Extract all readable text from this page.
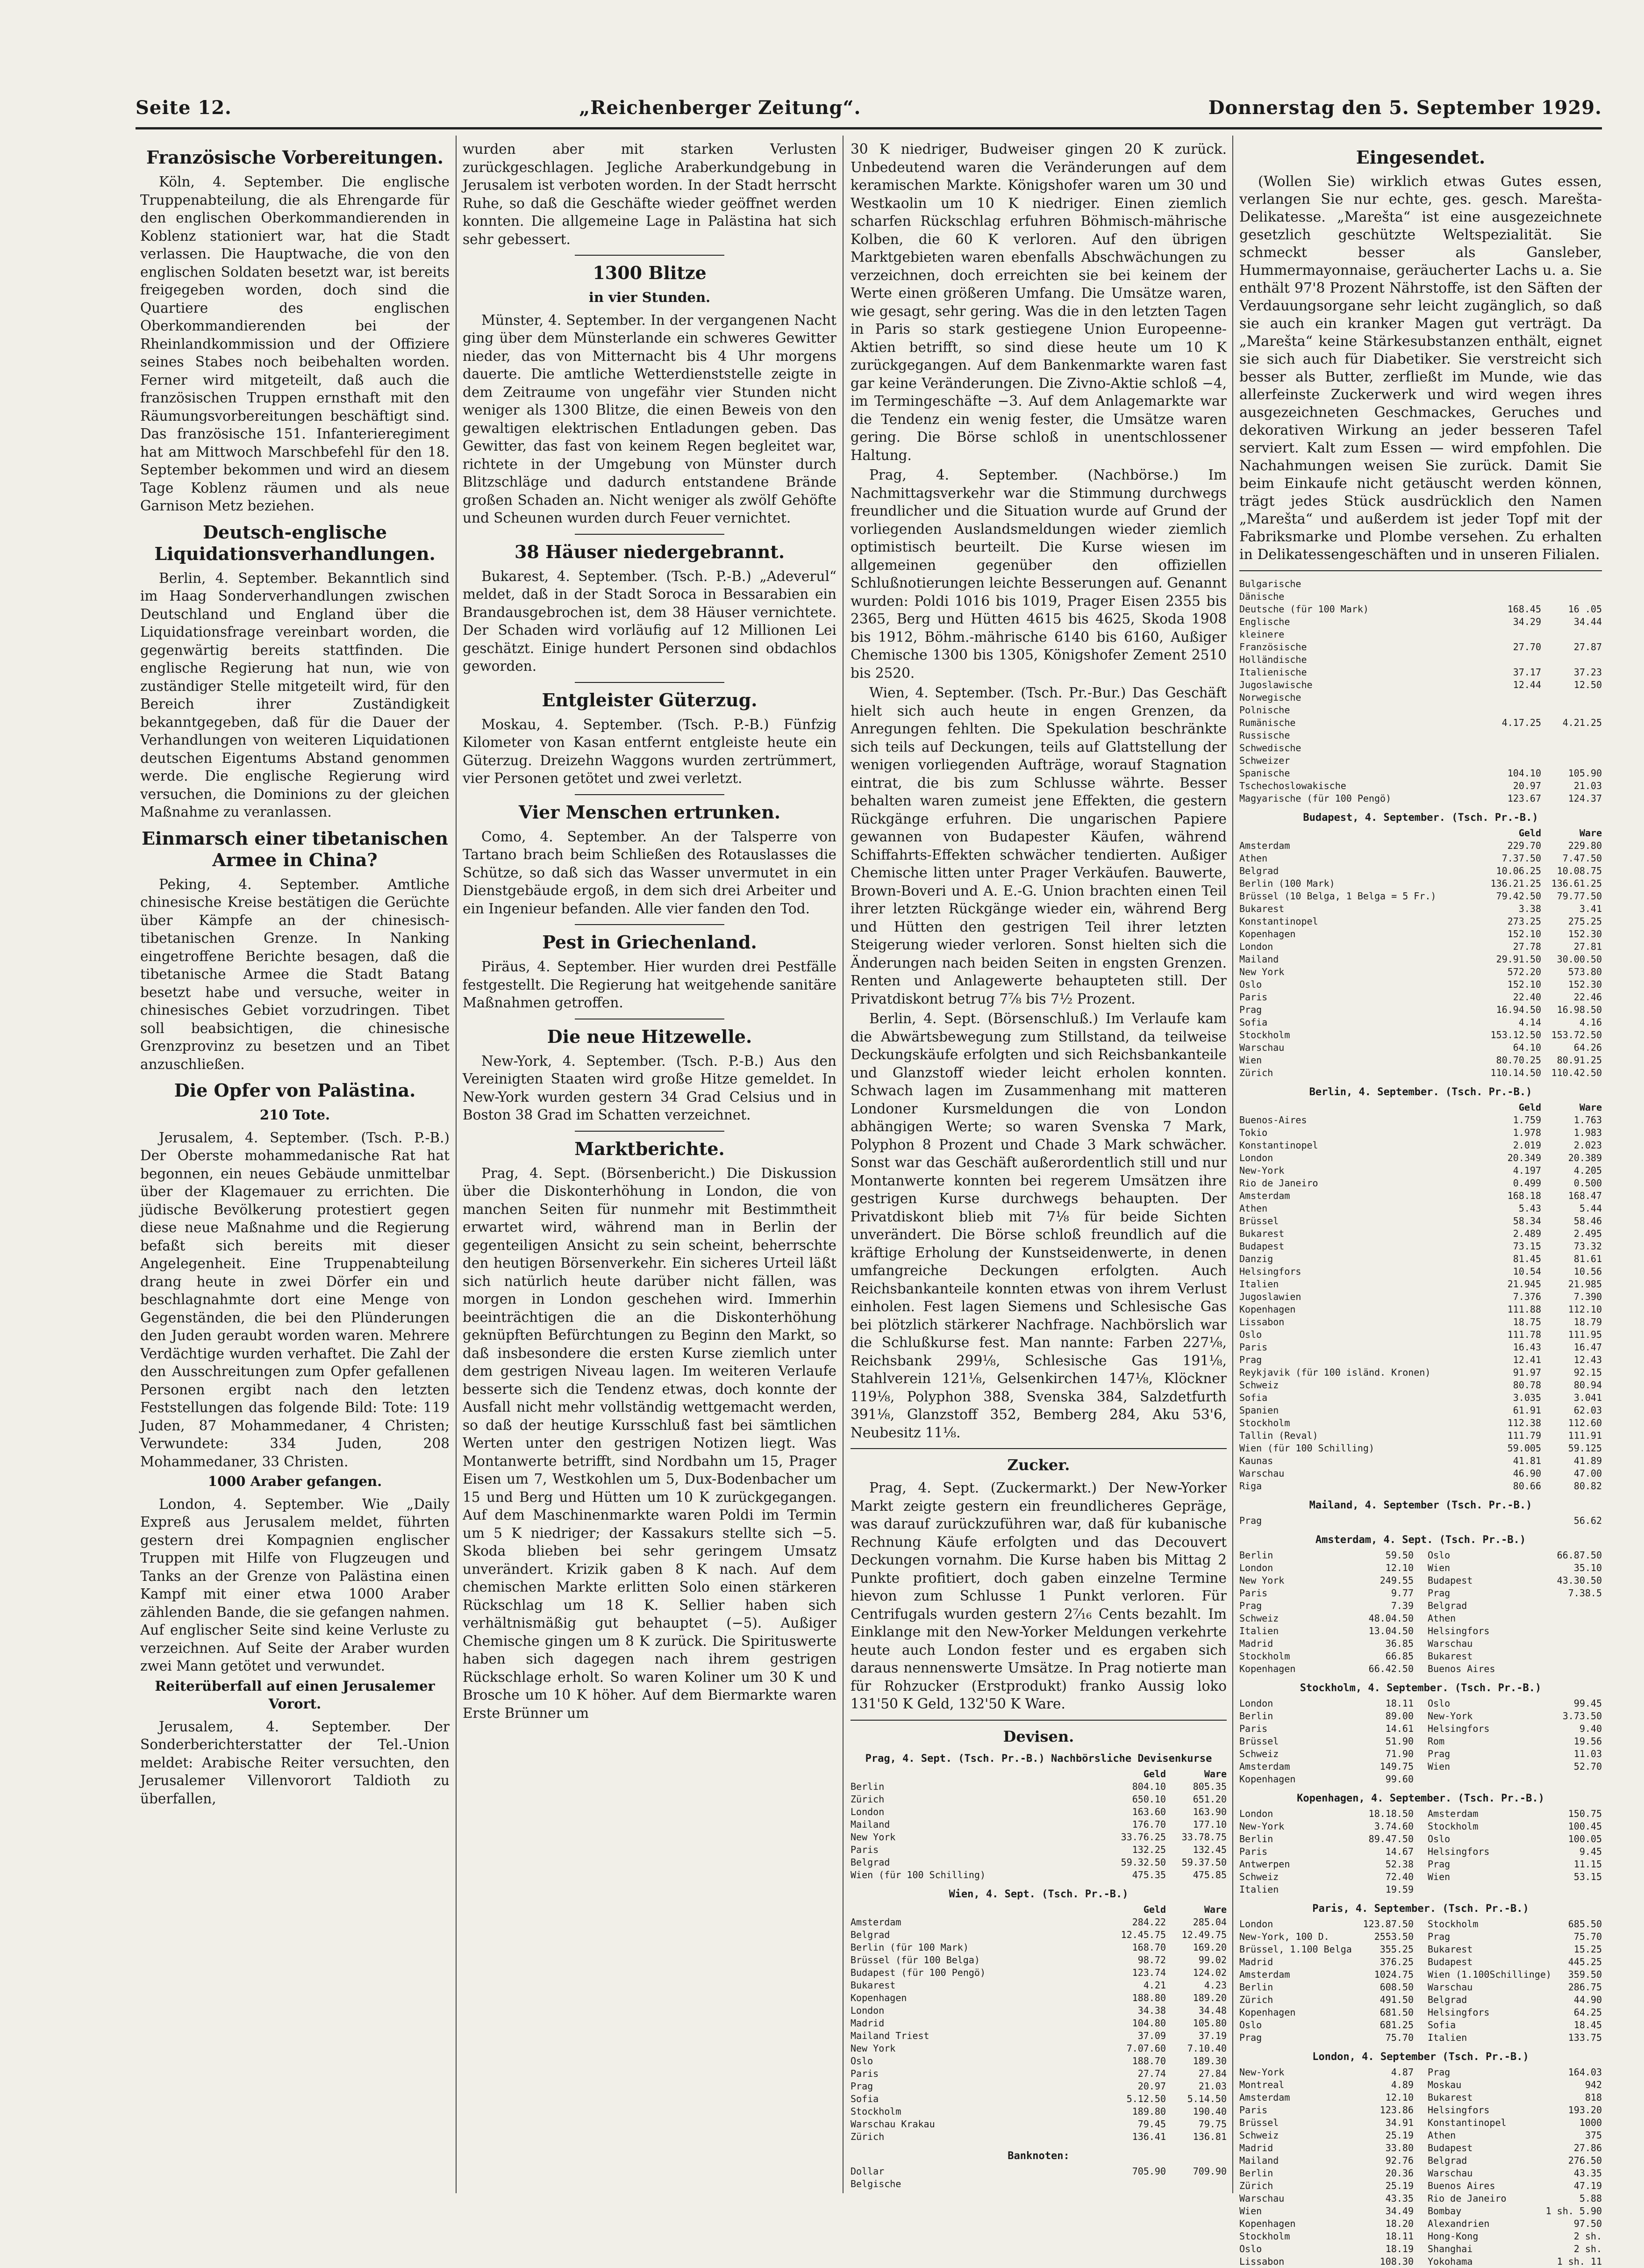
Seite 12.	„Reichenberger Zeitung“.	Donnerstag den 5. September 1929.
Französische Vorbereitungen.

Köln, 4. September. Die englische Truppenabteilung, die als Ehrengarde für den englischen Oberkommandierenden in Koblenz stationiert war, hat die Stadt verlassen. Die Hauptwache, die von den englischen Soldaten besetzt war, ist bereits freigegeben worden, doch sind die Quartiere des englischen Oberkommandierenden bei der Rheinlandkommission und der Offiziere seines Stabes noch beibehalten worden. Ferner wird mitgeteilt, daß auch die französischen Truppen ernsthaft mit den Räumungsvorbereitungen beschäftigt sind. Das französische 151. Infanterieregiment hat am Mittwoch Marschbefehl für den 18. September bekommen und wird an diesem Tage Koblenz räumen und als neue Garnison Metz beziehen.

Deutsch-englische Liquidationsverhandlungen.

Berlin, 4. September. Bekanntlich sind im Haag Sonderverhandlungen zwischen Deutschland und England über die Liquidationsfrage vereinbart worden, die gegenwärtig bereits stattfinden. Die englische Regierung hat nun, wie von zuständiger Stelle mitgeteilt wird, für den Bereich ihrer Zuständigkeit bekanntgegeben, daß für die Dauer der Verhandlungen von weiteren Liquidationen deutschen Eigentums Abstand genommen werde. Die englische Regierung wird versuchen, die Dominions zu der gleichen Maßnahme zu veranlassen.

Einmarsch einer tibetanischen Armee in China?

Peking, 4. September. Amtliche chinesische Kreise bestätigen die Gerüchte über Kämpfe an der chinesisch-tibetanischen Grenze. In Nanking eingetroffene Berichte besagen, daß die tibetanische Armee die Stadt Batang besetzt habe und versuche, weiter in chinesisches Gebiet vorzudringen. Tibet soll beabsichtigen, die chinesische Grenzprovinz zu besetzen und an Tibet anzuschließen.

Die Opfer von Palästina.
210 Tote.

Jerusalem, 4. September. (Tsch. P.-B.) Der Oberste mohammedanische Rat hat begonnen, ein neues Gebäude unmittelbar über der Klagemauer zu errichten. Die jüdische Bevölkerung protestiert gegen diese neue Maßnahme und die Regierung befaßt sich bereits mit dieser Angelegenheit. Eine Truppenabteilung drang heute in zwei Dörfer ein und beschlagnahmte dort eine Menge von Gegenständen, die bei den Plünderungen den Juden geraubt worden waren. Mehrere Verdächtige wurden verhaftet. Die Zahl der den Ausschreitungen zum Opfer gefallenen Personen ergibt nach den letzten Feststellungen das folgende Bild: Tote: 119 Juden, 87 Mohammedaner, 4 Christen; Verwundete: 334 Juden, 208 Mohammedaner, 33 Christen.

1000 Araber gefangen.

London, 4. September. Wie „Daily Expreß aus Jerusalem meldet, führten gestern drei Kompagnien englischer Truppen mit Hilfe von Flugzeugen und Tanks an der Grenze von Palästina einen Kampf mit einer etwa 1000 Araber zählenden Bande, die sie gefangen nahmen. Auf englischer Seite sind keine Verluste zu verzeichnen. Auf Seite der Araber wurden zwei Mann getötet und verwundet.

Reiterüberfall auf einen Jerusalemer Vorort.

Jerusalem, 4. September. Der Sonderberichterstatter der Tel.-Union meldet: Arabische Reiter versuchten, den Jerusalemer Villenvorort Taldioth zu überfallen,

wurden aber mit starken Verlusten zurückgeschlagen. Jegliche Araberkundgebung in Jerusalem ist verboten worden. In der Stadt herrscht Ruhe, so daß die Geschäfte wieder geöffnet werden konnten. Die allgemeine Lage in Palästina hat sich sehr gebessert.

1300 Blitze
in vier Stunden.

Münster, 4. September. In der vergangenen Nacht ging über dem Münsterlande ein schweres Gewitter nieder, das von Mitternacht bis 4 Uhr morgens dauerte. Die amtliche Wetterdienststelle zeigte in dem Zeitraume von ungefähr vier Stunden nicht weniger als 1300 Blitze, die einen Beweis von den gewaltigen elektrischen Entladungen geben. Das Gewitter, das fast von keinem Regen begleitet war, richtete in der Umgebung von Münster durch Blitzschläge und dadurch entstandene Brände großen Schaden an. Nicht weniger als zwölf Gehöfte und Scheunen wurden durch Feuer vernichtet.

38 Häuser niedergebrannt.

Bukarest, 4. September. (Tsch. P.-B.) „Adeverul“ meldet, daß in der Stadt Soroca in Bessarabien ein Brandausgebrochen ist, dem 38 Häuser vernichtete. Der Schaden wird vorläufig auf 12 Millionen Lei geschätzt. Einige hundert Personen sind obdachlos geworden.

Entgleister Güterzug.

Moskau, 4. September. (Tsch. P.-B.) Fünfzig Kilometer von Kasan entfernt entgleiste heute ein Güterzug. Dreizehn Waggons wurden zertrümmert, vier Personen getötet und zwei verletzt.

Vier Menschen ertrunken.

Como, 4. September. An der Talsperre von Tartano brach beim Schließen des Rotauslasses die Schütze, so daß sich das Wasser unvermutet in ein Dienstgebäude ergoß, in dem sich drei Arbeiter und ein Ingenieur befanden. Alle vier fanden den Tod.

Pest in Griechenland.

Piräus, 4. September. Hier wurden drei Pestfälle festgestellt. Die Regierung hat weitgehende sanitäre Maßnahmen getroffen.

Die neue Hitzewelle.

New-York, 4. September. (Tsch. P.-B.) Aus den Vereinigten Staaten wird große Hitze gemeldet. In New-York wurden gestern 34 Grad Celsius und in Boston 38 Grad im Schatten verzeichnet.

Marktberichte.

Prag, 4. Sept. (Börsenbericht.) Die Diskussion über die Diskonterhöhung in London, die von manchen Seiten für nunmehr mit Bestimmtheit erwartet wird, während man in Berlin der gegenteiligen Ansicht zu sein scheint, beherrschte den heutigen Börsenverkehr. Ein sicheres Urteil läßt sich natürlich heute darüber nicht fällen, was morgen in London geschehen wird. Immerhin beeinträchtigen die an die Diskonterhöhung geknüpften Befürchtungen zu Beginn den Markt, so daß insbesondere die ersten Kurse ziemlich unter dem gestrigen Niveau lagen. Im weiteren Verlaufe besserte sich die Tendenz etwas, doch konnte der Ausfall nicht mehr vollständig wettgemacht werden, so daß der heutige Kursschluß fast bei sämtlichen Werten unter den gestrigen Notizen liegt. Was Montanwerte betrifft, sind Nordbahn um 15, Prager Eisen um 7, Westkohlen um 5, Dux-Bodenbacher um 15 und Berg und Hütten um 10 K zurückgegangen. Auf dem Maschinenmarkte waren Poldi im Termin um 5 K niedriger; der Kassakurs stellte sich −5. Skoda blieben bei sehr geringem Umsatz unverändert. Krizik gaben 8 K nach. Auf dem chemischen Markte erlitten Solo einen stärkeren Rückschlag um 18 K. Sellier haben sich verhältnismäßig gut behauptet (−5). Außiger Chemische gingen um 8 K zurück. Die Spirituswerte haben sich dagegen nach ihrem gestrigen Rückschlage erholt. So waren Koliner um 30 K und Brosche um 10 K höher. Auf dem Biermarkte waren Erste Brünner um

30 K niedriger, Budweiser gingen 20 K zurück. Unbedeutend waren die Veränderungen auf dem keramischen Markte. Königshofer waren um 30 und Westkaolin um 10 K niedriger. Einen ziemlich scharfen Rückschlag erfuhren Böhmisch-mährische Kolben, die 60 K verloren. Auf den übrigen Marktgebieten waren ebenfalls Abschwächungen zu verzeichnen, doch erreichten sie bei keinem der Werte einen größeren Umfang. Die Umsätze waren, wie gesagt, sehr gering. Was die in den letzten Tagen in Paris so stark gestiegene Union Europeenne-Aktien betrifft, so sind diese heute um 10 K zurückgegangen. Auf dem Bankenmarkte waren fast gar keine Veränderungen. Die Zivno-Aktie schloß −4, im Termingeschäfte −3. Auf dem Anlagemarkte war die Tendenz ein wenig fester, die Umsätze waren gering. Die Börse schloß in unentschlossener Haltung.

Prag, 4. September. (Nachbörse.) Im Nachmittagsverkehr war die Stimmung durchwegs freundlicher und die Situation wurde auf Grund der vorliegenden Auslandsmeldungen wieder ziemlich optimistisch beurteilt. Die Kurse wiesen im allgemeinen gegenüber den offiziellen Schlußnotierungen leichte Besserungen auf. Genannt wurden: Poldi 1016 bis 1019, Prager Eisen 2355 bis 2365, Berg und Hütten 4615 bis 4625, Skoda 1908 bis 1912, Böhm.-mährische 6140 bis 6160, Außiger Chemische 1300 bis 1305, Königshofer Zement 2510 bis 2520.

Wien, 4. September. (Tsch. Pr.-Bur.) Das Geschäft hielt sich auch heute in engen Grenzen, da Anregungen fehlten. Die Spekulation beschränkte sich teils auf Deckungen, teils auf Glattstellung der wenigen vorliegenden Aufträge, worauf Stagnation eintrat, die bis zum Schlusse währte. Besser behalten waren zumeist jene Effekten, die gestern Rückgänge erfuhren. Die ungarischen Papiere gewannen von Budapester Käufen, während Schiffahrts-Effekten schwächer tendierten. Außiger Chemische litten unter Prager Verkäufen. Bauwerte, Brown-Boveri und A. E.-G. Union brachten einen Teil ihrer letzten Rückgänge wieder ein, während Berg und Hütten den gestrigen Teil ihrer letzten Steigerung wieder verloren. Sonst hielten sich die Änderungen nach beiden Seiten in engsten Grenzen. Renten und Anlagewerte behaupteten still. Der Privatdiskont betrug 7⅞ bis 7½ Prozent.

Berlin, 4. Sept. (Börsenschluß.) Im Verlaufe kam die Abwärtsbewegung zum Stillstand, da teilweise Deckungskäufe erfolgten und sich Reichsbankanteile und Glanzstoff wieder leicht erholen konnten. Schwach lagen im Zusammenhang mit matteren Londoner Kursmeldungen die von London abhängigen Werte; so waren Svenska 7 Mark, Polyphon 8 Prozent und Chade 3 Mark schwächer. Sonst war das Geschäft außerordentlich still und nur Montanwerte konnten bei regerem Umsätzen ihre gestrigen Kurse durchwegs behaupten. Der Privatdiskont blieb mit 7⅛ für beide Sichten unverändert. Die Börse schloß freundlich auf die kräftige Erholung der Kunstseidenwerte, in denen umfangreiche Deckungen erfolgten. Auch Reichsbankanteile konnten etwas von ihrem Verlust einholen. Fest lagen Siemens und Schlesische Gas bei plötzlich stärkerer Nachfrage. Nachbörslich war die Schlußkurse fest. Man nannte: Farben 227⅛, Reichsbank 299⅛, Schlesische Gas 191⅛, Stahlverein 121⅛, Gelsenkirchen 147⅛, Klöckner 119⅛, Polyphon 388, Svenska 384, Salzdetfurth 391⅛, Glanzstoff 352, Bemberg 284, Aku 53'6, Neubesitz 11⅛.

Zucker.

Prag, 4. Sept. (Zuckermarkt.) Der New-Yorker Markt zeigte gestern ein freundlicheres Gepräge, was darauf zurückzuführen war, daß für kubanische Rechnung Käufe erfolgten und das Decouvert Deckungen vornahm. Die Kurse haben bis Mittag 2 Punkte profitiert, doch gaben einzelne Termine hievon zum Schlusse 1 Punkt verloren. Für Centrifugals wurden gestern 2⁷⁄₁₆ Cents bezahlt. Im Einklange mit den New-Yorker Meldungen verkehrte heute auch London fester und es ergaben sich daraus nennenswerte Umsätze. In Prag notierte man für Rohzucker (Erstprodukt) franko Aussig loko 131'50 K Geld, 132'50 K Ware.

Devisen.
Prag, 4. Sept. (Tsch. Pr.-B.) Nachbörsliche Devisenkurse
Geld	Ware
Berlin	804.10	805.35
Zürich	650.10	651.20
London	163.60	163.90
Mailand	176.70	177.10
New York	33.76.25	33.78.75
Paris	132.25	132.45
Belgrad	59.32.50	59.37.50
Wien (für 100 Schilling)	475.35	475.85
Wien, 4. Sept. (Tsch. Pr.-B.)
Geld	Ware
Amsterdam	284.22	285.04
Belgrad	12.45.75	12.49.75
Berlin (für 100 Mark)	168.70	169.20
Brüssel (für 100 Belga)	98.72	99.02
Budapest (für 100 Pengö)	123.74	124.02
Bukarest	4.21	4.23
Kopenhagen	188.80	189.20
London	34.38	34.48
Madrid	104.80	105.80
Mailand Triest	37.09	37.19
New York	7.07.60	7.10.40
Oslo	188.70	189.30
Paris	27.74	27.84
Prag	20.97	21.03
Sofia	5.12.50	5.14.50
Stockholm	189.80	190.40
Warschau Krakau	79.45	79.75
Zürich	136.41	136.81
Banknoten:
Dollar	705.90	709.90
Belgische
Eingesendet.

(Wollen Sie) wirklich etwas Gutes essen, verlangen Sie nur echte, ges. gesch. Marešta-Delikatesse. „Marešta“ ist eine ausgezeichnete gesetzlich geschützte Weltspezialität. Sie schmeckt besser als Gansleber, Hummermayonnaise, geräucherter Lachs u. a. Sie enthält 97'8 Prozent Nährstoffe, ist den Säften der Verdauungsorgane sehr leicht zugänglich, so daß sie auch ein kranker Magen gut verträgt. Da „Marešta“ keine Stärkesubstanzen enthält, eignet sie sich auch für Diabetiker. Sie verstreicht sich besser als Butter, zerfließt im Munde, wie das allerfeinste Zuckerwerk und wird wegen ihres ausgezeichneten Geschmackes, Geruches und dekorativen Wirkung an jeder besseren Tafel serviert. Kalt zum Essen — wird empfohlen. Die Nachahmungen weisen Sie zurück. Damit Sie beim Einkaufe nicht getäuscht werden können, trägt jedes Stück ausdrücklich den Namen „Marešta“ und außerdem ist jeder Topf mit der Fabriksmarke und Plombe versehen. Zu erhalten in Delikatessengeschäften und in unseren Filialen.

Bulgarische
Dänische
Deutsche (für 100 Mark)	168.45	16 .05
Englische	34.29	34.44
kleinere
Französische	27.70	27.87
Holländische
Italienische	37.17	37.23
Jugoslawische	12.44	12.50
Norwegische
Polnische
Rumänische	4.17.25	4.21.25
Russische
Schwedische
Schweizer
Spanische	104.10	105.90
Tschechoslowakische	20.97	21.03
Magyarische (für 100 Pengö)	123.67	124.37
Budapest, 4. September. (Tsch. Pr.-B.)
Geld	Ware
Amsterdam	229.70	229.80
Athen	7.37.50	7.47.50
Belgrad	10.06.25	10.08.75
Berlin (100 Mark)	136.21.25	136.61.25
Brüssel (10 Belga, 1 Belga = 5 Fr.)	79.42.50	79.77.50
Bukarest	3.38	3.41
Konstantinopel	273.25	275.25
Kopenhagen	152.10	152.30
London	27.78	27.81
Mailand	29.91.50	30.00.50
New York	572.20	573.80
Oslo	152.10	152.30
Paris	22.40	22.46
Prag	16.94.50	16.98.50
Sofia	4.14	4.16
Stockholm	153.12.50	153.72.50
Warschau	64.10	64.26
Wien	80.70.25	80.91.25
Zürich	110.14.50	110.42.50
Berlin, 4. September. (Tsch. Pr.-B.)
Geld	Ware
Buenos-Aires	1.759	1.763
Tokio	1.978	1.983
Konstantinopel	2.019	2.023
London	20.349	20.389
New-York	4.197	4.205
Rio de Janeiro	0.499	0.500
Amsterdam	168.18	168.47
Athen	5.43	5.44
Brüssel	58.34	58.46
Bukarest	2.489	2.495
Budapest	73.15	73.32
Danzig	81.45	81.61
Helsingfors	10.54	10.56
Italien	21.945	21.985
Jugoslawien	7.376	7.390
Kopenhagen	111.88	112.10
Lissabon	18.75	18.79
Oslo	111.78	111.95
Paris	16.43	16.47
Prag	12.41	12.43
Reykjavik (für 100 isländ. Kronen)	91.97	92.15
Schweiz	80.78	80.94
Sofia	3.035	3.041
Spanien	61.91	62.03
Stockholm	112.38	112.60
Tallin (Reval)	111.79	111.91
Wien (für 100 Schilling)	59.005	59.125
Kaunas	41.81	41.89
Warschau	46.90	47.00
Riga	80.66	80.82
Mailand, 4. September (Tsch. Pr.-B.)
Prag	56.62
Amsterdam, 4. Sept. (Tsch. Pr.-B.)
Berlin	59.50
London	12.10
New York	249.55
Paris	9.77
Prag	7.39
Schweiz	48.04.50
Italien	13.04.50
Madrid	36.85
Stockholm	66.85
Kopenhagen	66.42.50
Oslo	66.87.50
Wien	35.10
Budapest	43.30.50
Prag	7.38.5
Belgrad
Athen
Helsingfors
Warschau
Bukarest
Buenos Aires
Stockholm, 4. September. (Tsch. Pr.-B.)
London	18.11
Berlin	89.00
Paris	14.61
Brüssel	51.90
Schweiz	71.90
Amsterdam	149.75
Kopenhagen	99.60
Oslo	99.45
New-York	3.73.50
Helsingfors	9.40
Rom	19.56
Prag	11.03
Wien	52.70
Kopenhagen, 4. September. (Tsch. Pr.-B.)
London	18.18.50
New-York	3.74.60
Berlin	89.47.50
Paris	14.67
Antwerpen	52.38
Schweiz	72.40
Italien	19.59
Amsterdam	150.75
Stockholm	100.45
Oslo	100.05
Helsingfors	9.45
Prag	11.15
Wien	53.15
Paris, 4. September. (Tsch. Pr.-B.)
London	123.87.50
New-York, 100 D.	2553.50
Brüssel, 1.100 Belga	355.25
Madrid	376.25
Amsterdam	1024.75
Berlin	608.50
Zürich	491.50
Kopenhagen	681.50
Oslo	681.25
Prag	75.70
Stockholm	685.50
Prag	75.70
Bukarest	15.25
Budapest	445.25
Wien (1.100Schillinge) 359.50
Warschau	286.75
Belgrad	44.90
Helsingfors	64.25
Sofia	18.45
Italien	133.75
London, 4. September (Tsch. Pr.-B.)
New-York	4.87
Montreal	4.89
Amsterdam	12.10
Paris	123.86
Brüssel	34.91
Schweiz	25.19
Madrid	33.80
Mailand	92.76
Berlin	20.36
Zürich	25.19
Warschau	43.35
Wien	34.49
Kopenhagen	18.20
Stockholm	18.11
Oslo	18.19
Lissabon	108.30
Prag	164.03
Moskau	942
Bukarest	818
Helsingfors	193.20
Konstantinopel	1000
Athen	375
Budapest	27.86
Belgrad	276.50
Warschau	43.35
Buenos Aires	47.19
Rio de Janeiro	5.88
Bombay	1 sh. 5.90
Alexandrien	97.50
Hong-Kong	2 sh.
Shanghai	2 sh.
Yokohama	1 sh. 11
